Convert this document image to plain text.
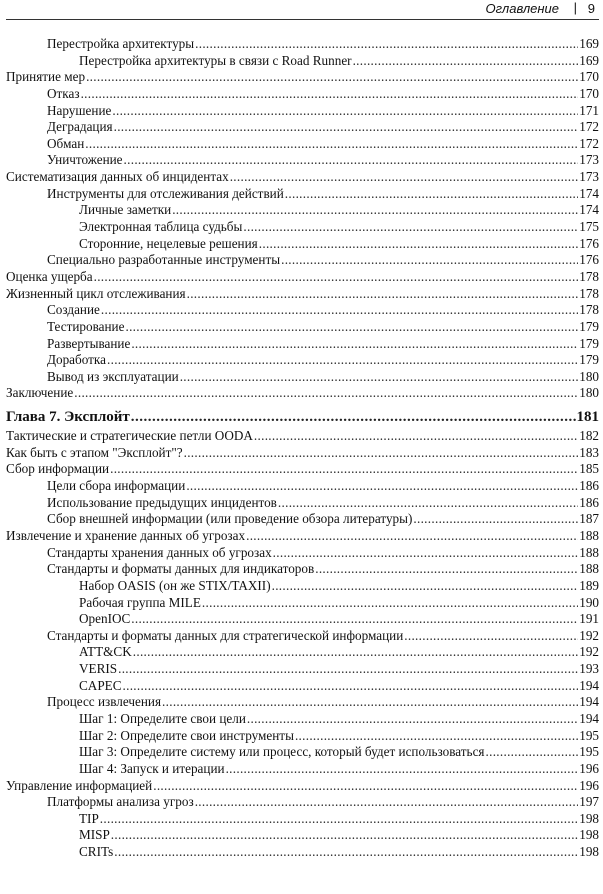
Оглавление | 9
Перестройка архитектуры .....	169
Перестройка архитектуры в связи с Road Runner .....	169
Принятие мер .....	170
Отказ .....	170
Нарушение .....	171
Деградация .....	172
Обман .....	172
Уничтожение .....	173
Систематизация данных об инцидентах .....	173
Инструменты для отслеживания действий .....	174
Личные заметки .....	174
Электронная таблица судьбы .....	175
Сторонние, нецелевые решения .....	176
Специально разработанные инструменты .....	176
Оценка ущерба .....	178
Жизненный цикл отслеживания .....	178
Создание .....	178
Тестирование .....	179
Развертывание .....	179
Доработка .....	179
Вывод из эксплуатации .....	180
Заключение .....	180
Глава 7. Эксплойт .....	181
Тактические и стратегические петли OODA .....	182
Как быть с этапом "Эксплойт"? .....	183
Сбор информации .....	185
Цели сбора информации .....	186
Использование предыдущих инцидентов .....	186
Сбор внешней информации (или проведение обзора литературы) .....	187
Извлечение и хранение данных об угрозах .....	188
Стандарты хранения данных об угрозах .....	188
Стандарты и форматы данных для индикаторов .....	188
Набор OASIS (он же STIX/TAXII) .....	189
Рабочая группа MILE .....	190
OpenIOC .....	191
Стандарты и форматы данных для стратегической информации .....	192
ATT&CK .....	192
VERIS .....	193
CAPEC .....	194
Процесс извлечения .....	194
Шаг 1: Определите свои цели .....	194
Шаг 2: Определите свои инструменты .....	195
Шаг 3: Определите систему или процесс, который будет использоваться .....	195
Шаг 4: Запуск и итерации .....	196
Управление информацией .....	196
Платформы анализа угроз .....	197
TIP .....	198
MISP .....	198
CRITs .....	198
